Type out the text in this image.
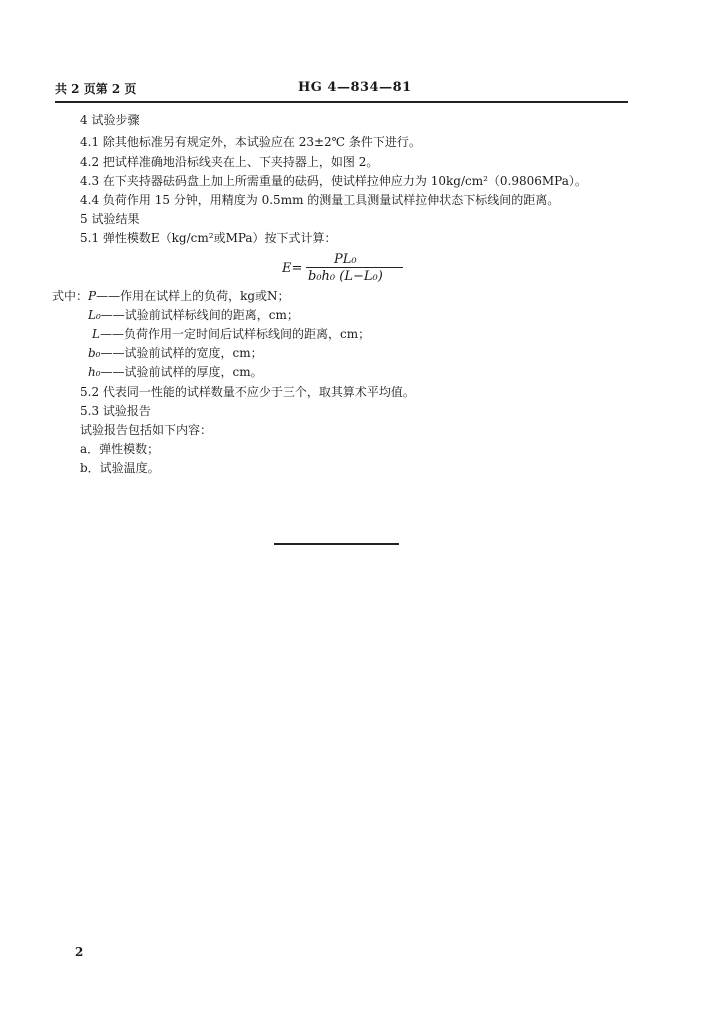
共 2 页第 2 页	HG 4—834—81
4 试验步骤
4.1 除其他标准另有规定外，本试验应在 23±2℃ 条件下进行。
4.2 把试样准确地沿标线夹在上、下夹持器上，如图 2。
4.3 在下夹持器砝码盘上加上所需重量的砝码，使试样拉伸应力为 10kg/cm²（0.9806MPa）。
4.4 负荷作用 15 分钟，用精度为 0.5mm 的测量工具测量试样拉伸状态下标线间的距离。
5 试验结果
5.1 弹性模数E（kg/cm²或MPa）按下式计算：
E=
PL₀
b₀h₀ (L−L₀)
式中：P——作用在试样上的负荷，kg或N；
L₀——试验前试样标线间的距离，cm；
L——负荷作用一定时间后试样标线间的距离，cm；
b₀——试验前试样的宽度，cm；
h₀——试验前试样的厚度，cm。
5.2 代表同一性能的试样数量不应少于三个，取其算术平均值。
5.3 试验报告
试验报告包括如下内容：
a．弹性模数；
b．试验温度。
2
